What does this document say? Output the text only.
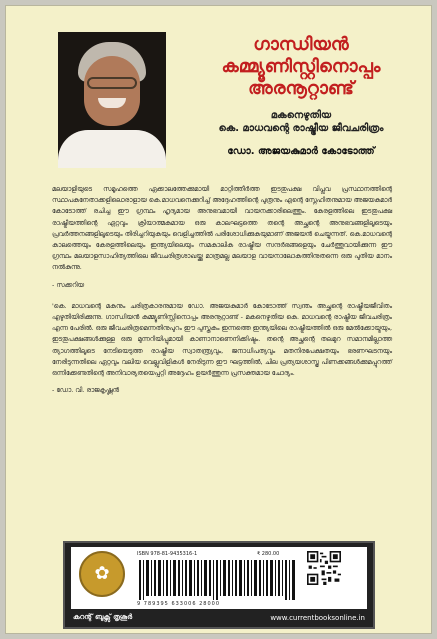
ഗാന്ധിയൻ
കമ്മ്യൂണിസ്റ്റിനൊപ്പം
അരനൂറ്റാണ്ട്
മകനെഴുതിയ
കെ. മാധവന്റെ രാഷ്ട്രീയ ജീവചരിത്രം
ഡോ. അജയകുമാർ കോടോത്ത്

മലയാളിയുടെ സമൂഹത്തെ ഏക്കാലത്തേക്കുമായി മാറ്റിത്തീർത്ത ഇടതുപക്ഷ വിപ്ലവ പ്രസ്ഥാനത്തിന്റെ സ്ഥാപകനേതാക്കളിലൊരാളായ കെ.മാധവനെക്കുറിച്ച് അദ്ദേഹത്തിന്റെ പുത്രനും എന്റെ സ്നേഹിതനുമായ അജയകുമാർ കോടോത്ത് രചിച്ച ഈ ഗ്രന്ഥം ഹൃദ്യമായ അനുഭവമായി വായനക്കാരിലെത്തും. കേരളത്തിലെ ഇടതുപക്ഷ രാഷ്ട്രീയത്തിന്റെ ഏറ്റവും ക്രിയാത്മകമായ ഒരു കാലഘട്ടത്തെ തന്റെ അച്ഛന്റെ അനുഭവങ്ങളിലൂടെയും പ്രവർത്തനങ്ങളിലൂടെയും തിരിച്ചറിയുകയും വെളിച്ചത്തിൽ പരിശോധിക്കുകയുമാണ് അജയൻ ചെയ്യുന്നത്. കെ.മാധവന്റെ കാലത്തെയും കേരളത്തിലെയും ഇന്ത്യയിലെയും സമകാലിക രാഷ്ട്രീയ സന്ദർഭങ്ങളെയും ചേർത്തുവായിക്കുന്ന ഈ ഗ്രന്ഥം മലയാളസാഹിത്യത്തിലെ ജീവചരിത്രശാഖയ്ക്കു മാത്രമല്ല മലയാള വായനാലോകത്തിനുതന്നെ ഒരു പുതിയ മാനം നൽകുന്നു.

- സക്കറിയ

'കെ. മാധവന്റെ മകനും ചരിത്രകാരനുമായ ഡോ. അജയകുമാർ കോടോത്ത് സ്വന്തം അച്ഛന്റെ രാഷ്ട്രീയജീവിതം എഴുതിയിരിക്കുന്നു. ഗാന്ധിയൻ കമ്മ്യൂണിസ്റ്റിനൊപ്പം അരനൂറ്റാണ്ട് - മകനെഴുതിയ കെ. മാധവന്റെ രാഷ്ട്രീയ ജീവചരിത്രം എന്ന പേരിൽ. ഒരു ജീവചരിത്രമെന്നതിനുപുറം ഈ പുസ്തകം ഇന്നത്തെ ഇന്ത്യയിലെ രാഷ്ട്രീയത്തിൽ ഒരു മേൽക്കോയ്മയും, ഇടതുപക്ഷങ്ങൾക്കുള്ള ഒരു മുന്നറിയിപ്പുമായി കാണാനാണെനിക്കിഷ്ടം. തന്റെ അച്ഛന്റെ തലമുറ സമാനമില്ലാത്ത ത്യാഗത്തിലൂടെ നേടിയെടുത്ത രാഷ്ട്രീയ സ്വാതന്ത്ര്യവും, ജനാധിപത്യവും മതനിരപേക്ഷതയും ഭരണഘടനയും നേരിടുന്നതിലെ ഏറ്റവും വലിയ വെല്ലുവിളികൾ നേരിടുന്ന ഈ ഘട്ടത്തിൽ, ചില പ്രത്യയശാസ്ത്ര പിണക്കങ്ങൾക്കുമപ്പുറത്ത് ഒന്നിക്കേണ്ടതിന്റെ അനിവാര്യതയെപ്പറ്റി അദ്ദേഹം ഉയർത്തുന്ന പ്രസക്തമായ ചോദ്യം.

- ഡോ. വി. രാജകൃഷ്ണൻ
✿
ISBN 978-81-9435316-1	₹ 280.00
9 789395 633006 28000
കറന്റ് ബുക്സ് തൃശൂർ	www.currentbooksonline.in
